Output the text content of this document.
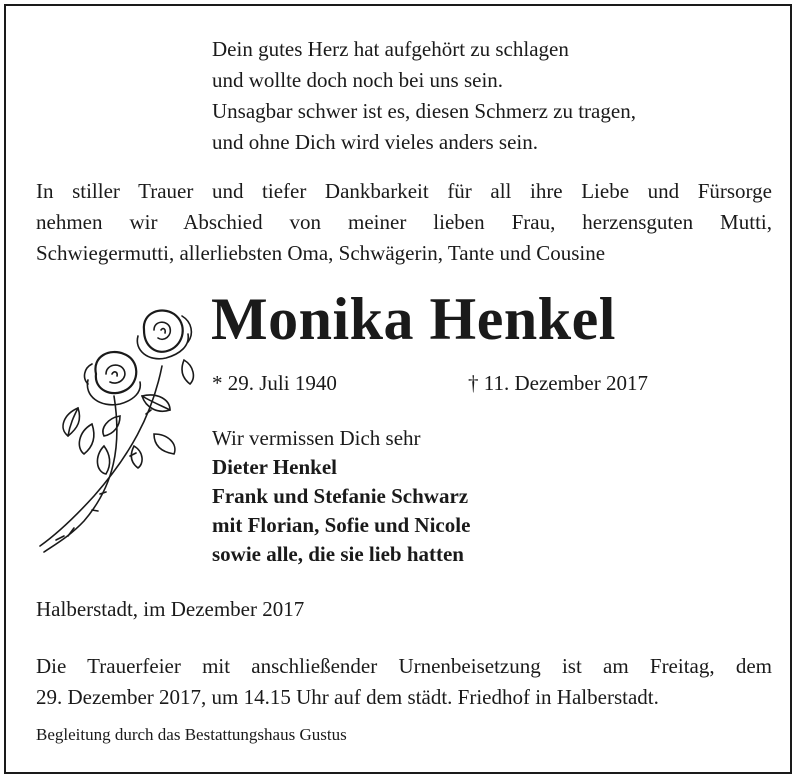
Dein gutes Herz hat aufgehört zu schlagen
und wollte doch noch bei uns sein.
Unsagbar schwer ist es, diesen Schmerz zu tragen,
und ohne Dich wird vieles anders sein.
In stiller Trauer und tiefer Dankbarkeit für all ihre Liebe und Fürsorge
nehmen wir Abschied von meiner lieben Frau, herzensguten Mutti,
Schwiegermutti, allerliebsten Oma, Schwägerin, Tante und Cousine
Monika Henkel
* 29. Juli 1940	† 11. Dezember 2017
Wir vermissen Dich sehr
Dieter Henkel
Frank und Stefanie Schwarz
mit Florian, Sofie und Nicole
sowie alle, die sie lieb hatten
Halberstadt, im Dezember 2017
Die Trauerfeier mit anschließender Urnenbeisetzung ist am Freitag, dem
29. Dezember 2017, um 14.15 Uhr auf dem städt. Friedhof in Halberstadt.
Begleitung durch das Bestattungshaus Gustus
